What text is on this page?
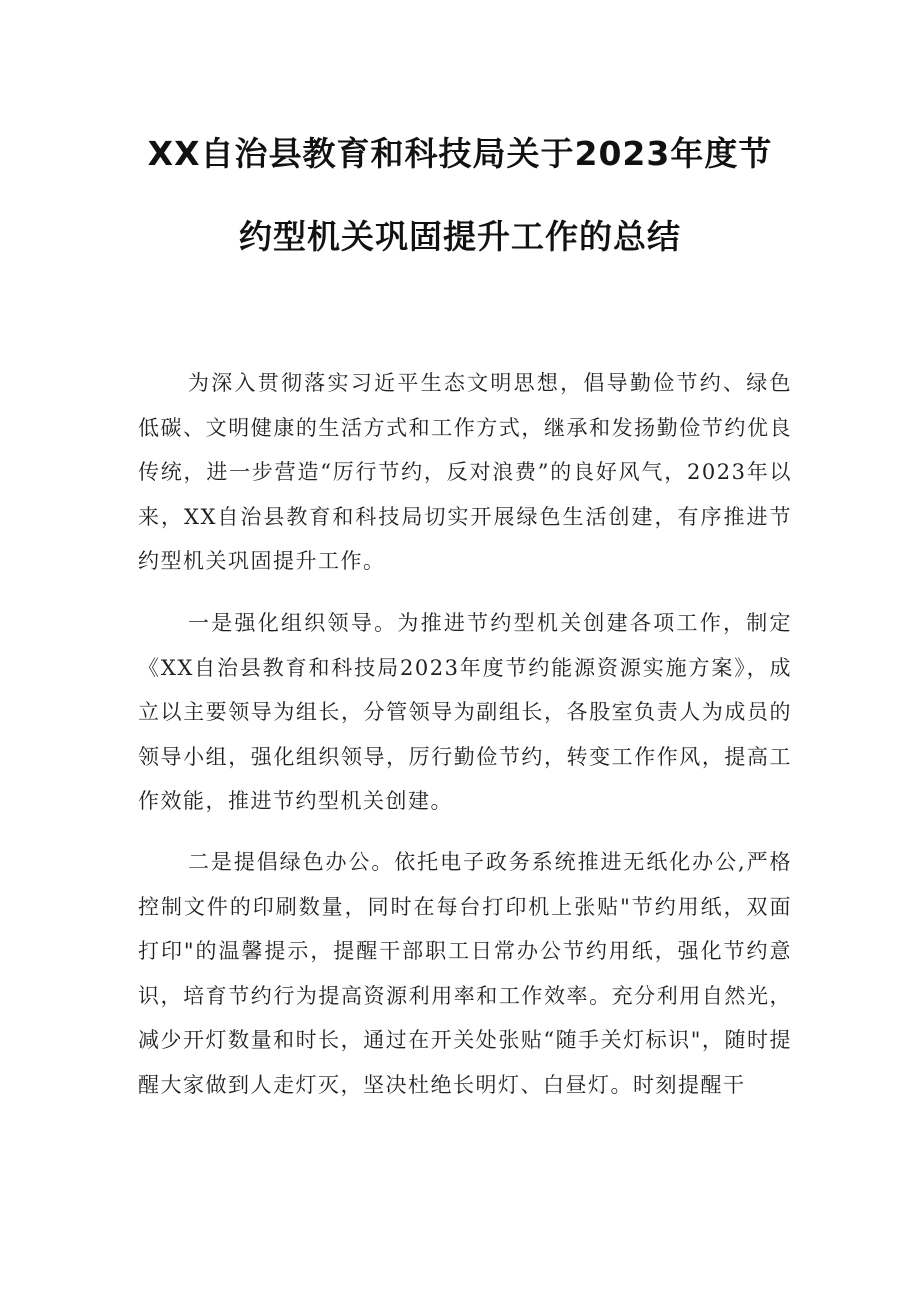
XX自治县教育和科技局关于2023年度节
约型机关巩固提升工作的总结

为深入贯彻落实习近平生态文明思想，倡导勤俭节约、绿色低碳、文明健康的生活方式和工作方式，继承和发扬勤俭节约优良传统，进一步营造“厉行节约，反对浪费”的良好风气，2023年以来，XX自治县教育和科技局切实开展绿色生活创建，有序推进节约型机关巩固提升工作。

一是强化组织领导。为推进节约型机关创建各项工作，制定《XX自治县教育和科技局2023年度节约能源资源实施方案》，成立以主要领导为组长，分管领导为副组长，各股室负责人为成员的领导小组，强化组织领导，厉行勤俭节约，转变工作作风，提高工作效能，推进节约型机关创建。

二是提倡绿色办公。依托电子政务系统推进无纸化办公,严格控制文件的印刷数量，同时在每台打印机上张贴"节约用纸，双面打印"的温馨提示，提醒干部职工日常办公节约用纸，强化节约意识，培育节约行为提高资源利用率和工作效率。充分利用自然光，减少开灯数量和时长，通过在开关处张贴“随手关灯标识"，随时提醒大家做到人走灯灭，坚决杜绝长明灯、白昼灯。时刻提醒干
